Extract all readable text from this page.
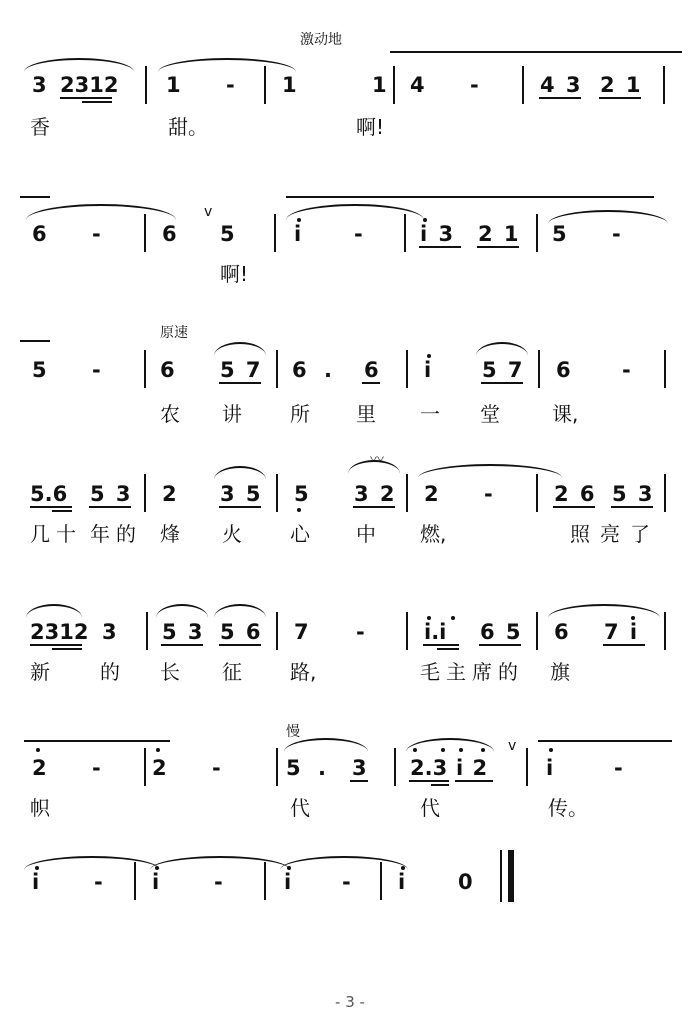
激动地
3 2312 1 - 1	1 4 -	4 3 2 1
香	甜。	啊!
6 -	6
v
5	i	-	i 3 2 1 5 -
啊!
原速
5 -	6 5 7 6 . 6 i 5 7 6 -
农 讲 所 里 一 堂	课,
5.6 5 3 2 3 5 5
〰
3 2 2 -	2 6 5 3
几 十 年 的 烽 火 心 中 燃,	照 亮 了
2312 3 5 3 5 6 7 -	i.i 6 5 6 7 i
新	的 长 征 路,	毛 主 席 的 旗
慢
2 - 2 -	5 . 3 2.3 i 2
v
i	-
帜	代	代	传。
i	- i	-	i - i	0
- 3 -
